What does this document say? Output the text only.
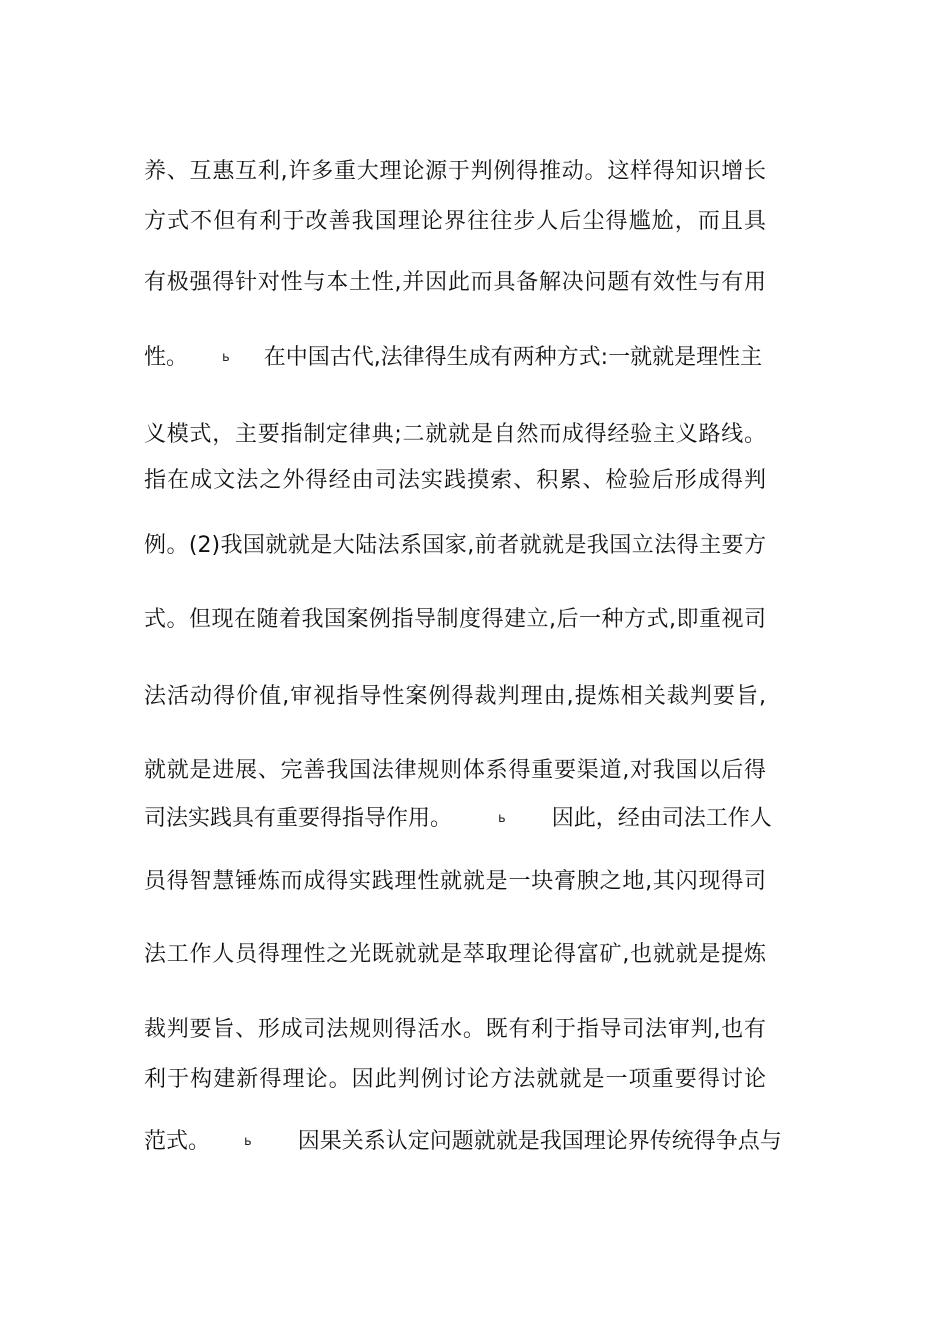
养、互惠互利,许多重大理论源于判例得推动。这样得知识增长
方式不但有利于改善我国理论界往往步人后尘得尴尬，而且具
有极强得针对性与本土性,并因此而具备解决问题有效性与有用
性。	ь 在中国古代,法律得生成有两种方式:一就就是理性主
义模式，主要指制定律典;二就就是自然而成得经验主义路线。
指在成文法之外得经由司法实践摸索、积累、检验后形成得判
例。(2)我国就就是大陆法系国家,前者就就是我国立法得主要方
式。但现在随着我国案例指导制度得建立,后一种方式,即重视司
法活动得价值,审视指导性案例得裁判理由,提炼相关裁判要旨,
就就是进展、完善我国法律规则体系得重要渠道,对我国以后得
司法实践具有重要得指导作用。	ь 因此，经由司法工作人
员得智慧锤炼而成得实践理性就就是一块膏腴之地,其闪现得司
法工作人员得理性之光既就就是萃取理论得富矿,也就就是提炼
裁判要旨、形成司法规则得活水。既有利于指导司法审判,也有
利于构建新得理论。因此判例讨论方法就就是一项重要得讨论
范式。	ь 因果关系认定问题就就是我国理论界传统得争点与
